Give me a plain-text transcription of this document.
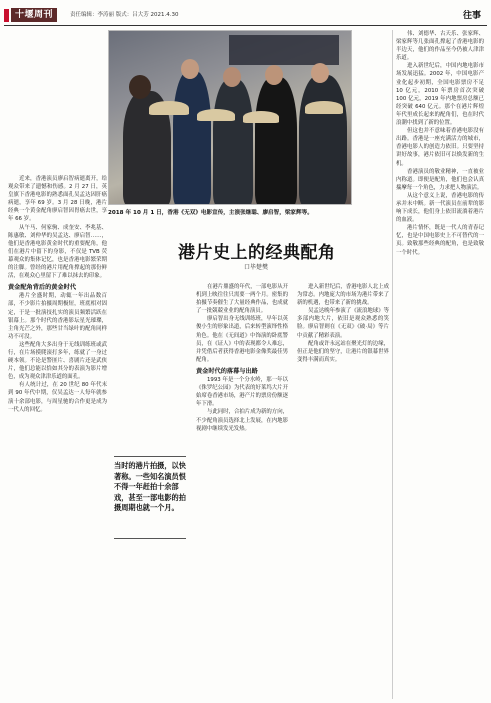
十堰周刊	责任编辑：李涛丽 版式：吕大芳 2021.4.30	往事
2018 年 10 月 1 日，香港《无双》电影宣传，主演张继聪、廖启智，梁家辉等。
港片史上的经典配角
口毕楚樊

近来，香港演员廖启智病逝离开，给观众带来了遗憾和伤感。2 月 27 日，英皇旗下香港电影的熟悉面孔吴孟达因肝癌病逝，享年 69 岁。3 月 28 日晚，港片经典一个黄金配角廖启智因胃癌去世，享年 66 岁。

从午马、何家驹、成奎安、李兆基、陈惠敏、刘仲华的吴孟达、廖启智……，他们是香港电影黄金时代的重要配角，他们在港片中留下的身影，不仅是 TVB 荧幕观众的集体记忆，也是香港电影繁荣期的注脚。曾经的港片用配角撑起的那份鲜活，在观众心里留下了难以抹去的印象。

黄金配角背后的黄金时代

港片全盛时期，动辄一年出品数百部，不少影片拍摄周期极短，班底相对固定，于是一批演技扎实的演员频繁活跃在银幕上。那个时代的香港影坛星光璀璨，主角光芒之外，那些甘当绿叶的配角同样功不可没。

这些配角大多出身于无线训练班或武行，在片场摸爬滚打多年，练就了一身过硬本领。不论是警匪片、喜剧片还是武侠片，他们总能以恰如其分的表演为影片增色，成为观众津津乐道的面孔。

有人统计过，在 20 世纪 80 年代末到 90 年代中期，仅吴孟达一人每年就参演十余部电影，与周星驰的合作更是成为一代人的回忆。

当时的港片拍摄，以快著称。一些知名演员恨不得一年赶拍十余部戏，甚至一部电影的拍摄周期也就一个月。

在港片鼎盛的年代，一部电影从开机到上映往往只需要一两个月。密集的拍摄节奏催生了大量经典作品，也成就了一批兢兢业业的配角演员。

廖启智出身无线训练班，早年以英俊小生的形象出道，后来转型演绎性格角色。他在《无间道》中饰演的卧底警员，在《证人》中的表现都令人难忘，并凭借后者获得香港电影金像奖最佳男配角。

黄金时代的落幕与出路

1993 年是一个分水岭，那一年以《侏罗纪公园》为代表的好莱坞大片开始席卷香港市场，港产片的票房份额逐年下滑。

与此同时，合拍片成为新的方向，不少配角演员选择北上发展，在内地影视剧中继续发光发热。

进入新世纪后，香港电影人北上成为常态。内地庞大的市场为港片带来了新的机遇，也带来了新的挑战。

吴孟达晚年参演了《流浪地球》等多部内地大片，依旧是观众熟悉的笑脸。廖启智则在《无双》《破·局》等片中贡献了精彩表演。

配角或许永远站在聚光灯的边缘，但正是他们的坚守，让港片的银幕世界变得丰满而真实。

伟、刘德华、古天乐、张家辉、梁家辉等几张面孔撑起了香港电影的半边天，他们的作品至今仍被人津津乐道。

进入新世纪后，中国内地电影市场发展迅猛。2002 年，中国电影产业化起步初期，全国电影票房不足 10 亿元，2010 年票房首次突破 100 亿元，2019 年内地票房总额已经突破 640 亿元。那个在港片辉煌年代里成长起来的配角们，也在时代浪潮中找到了新的位置。

但这也并不意味着香港电影没有出路。香港是一座充满活力的城市，香港电影人的创造力依旧。只要坚持讲好故事，港片依旧可以焕发新的生机。

香港演员的敬业精神，一直被业内称道。即便是配角，他们也会认真揣摩每一个角色，力求把人物演活。

从这个意义上说，香港电影的传承并未中断。新一代演员在前辈的影响下成长，他们身上依旧流淌着港片的血液。

港片情怀，既是一代人的青春记忆，也是中国电影史上不可替代的一页。致敬那些经典的配角，也是致敬一个时代。
